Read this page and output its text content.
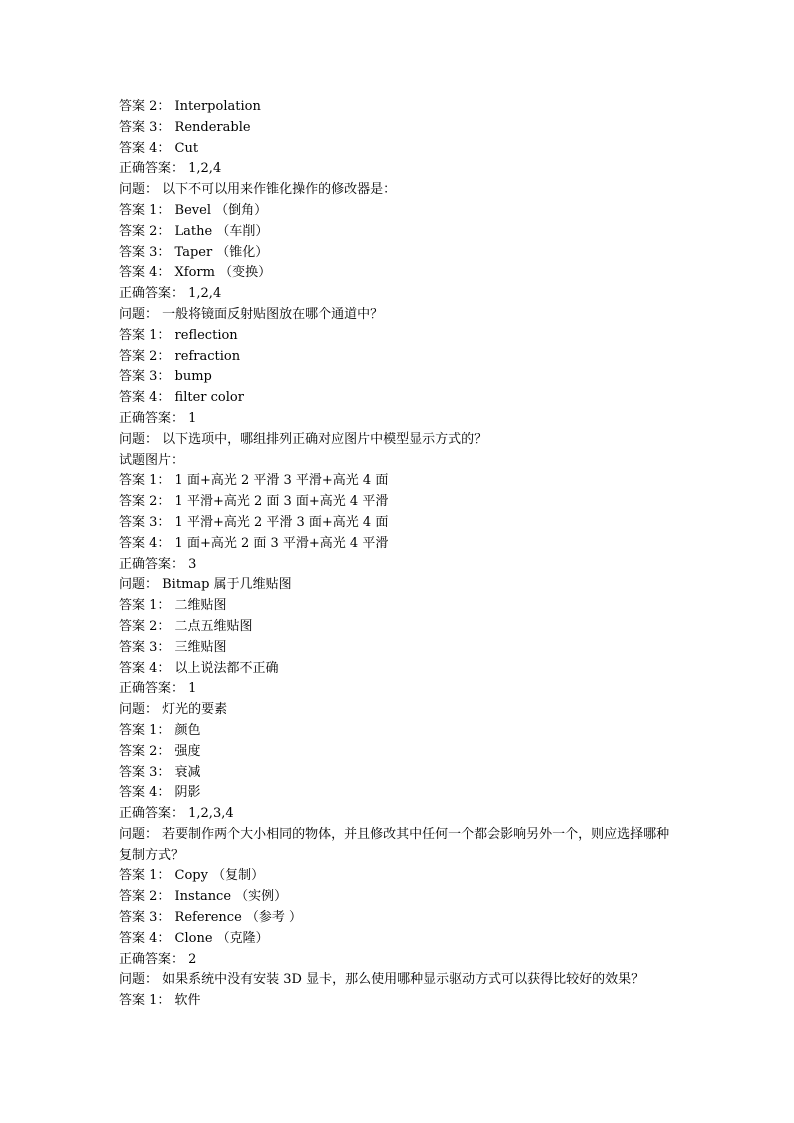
答案 2： Interpolation
答案 3： Renderable
答案 4： Cut
正确答案： 1,2,4
问题： 以下不可以用来作锥化操作的修改器是：
答案 1： Bevel （倒角）
答案 2： Lathe （车削）
答案 3： Taper （锥化）
答案 4： Xform （变换）
正确答案： 1,2,4
问题： 一般将镜面反射贴图放在哪个通道中？
答案 1： reflection
答案 2： refraction
答案 3： bump
答案 4： filter color
正确答案： 1
问题： 以下选项中，哪组排列正确对应图片中模型显示方式的？
试题图片：
答案 1： 1 面+高光 2 平滑 3 平滑+高光 4 面
答案 2： 1 平滑+高光 2 面 3 面+高光 4 平滑
答案 3： 1 平滑+高光 2 平滑 3 面+高光 4 面
答案 4： 1 面+高光 2 面 3 平滑+高光 4 平滑
正确答案： 3
问题： Bitmap 属于几维贴图
答案 1： 二维贴图
答案 2： 二点五维贴图
答案 3： 三维贴图
答案 4： 以上说法都不正确
正确答案： 1
问题： 灯光的要素
答案 1： 颜色
答案 2： 强度
答案 3： 衰减
答案 4： 阴影
正确答案： 1,2,3,4
问题： 若要制作两个大小相同的物体，并且修改其中任何一个都会影响另外一个，则应选择哪种复制方式？
答案 1： Copy （复制）
答案 2： Instance （实例）
答案 3： Reference （参考 ）
答案 4： Clone （克隆）
正确答案： 2
问题： 如果系统中没有安装 3D 显卡，那么使用哪种显示驱动方式可以获得比较好的效果？
答案 1： 软件
